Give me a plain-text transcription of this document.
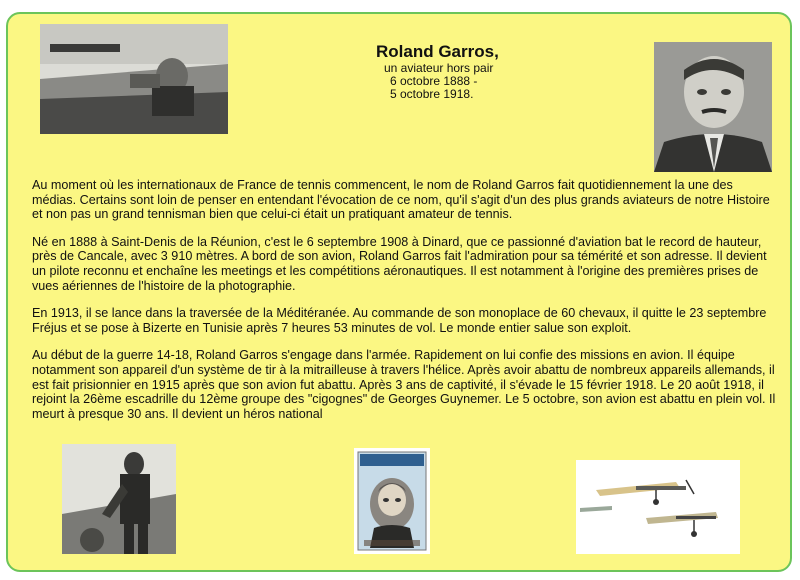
Roland Garros,
un aviateur hors pair
6 octobre 1888 -
5 octobre 1918.

Au moment où les internationaux de France de tennis commencent, le nom de Roland Garros fait quotidiennement la une des médias. Certains sont loin de penser en entendant l'évocation de ce nom, qu'il s'agit d'un des plus grands aviateurs de notre Histoire et non pas un grand tennisman bien que celui-ci était un pratiquant amateur de tennis.

Né en 1888 à Saint-Denis de la Réunion, c'est le 6 septembre 1908 à Dinard, que ce passionné d'aviation bat le record de hauteur, près de Cancale, avec 3 910 mètres. A bord de son avion, Roland Garros fait l'admiration pour sa témérité et son adresse. Il devient un pilote reconnu et enchaîne les meetings et les compétitions aéronautiques. Il est notamment à l'origine des premières prises de vues aériennes de l'histoire de la photographie.

En 1913, il se lance dans la traversée de la Méditéranée. Au commande de son monoplace de 60 chevaux, il quitte le 23 septembre Fréjus et se pose à Bizerte en Tunisie après 7 heures 53 minutes de vol. Le monde entier salue son exploit.

Au début de la guerre 14-18, Roland Garros s'engage dans l'armée. Rapidement on lui confie des missions en avion. Il équipe notamment son appareil d'un système de tir à la mitrailleuse à travers l'hélice. Après avoir abattu de nombreux appareils allemands, il est fait prisionnier en 1915 après que son avion fut abattu. Après 3 ans de captivité, il s'évade le 15 février 1918. Le 20 août 1918, il rejoint la 26ème escadrille du 12ème groupe des "cigognes" de Georges Guynemer. Le 5 octobre, son avion est abattu en plein vol. Il meurt à presque 30 ans. Il devient un héros national
